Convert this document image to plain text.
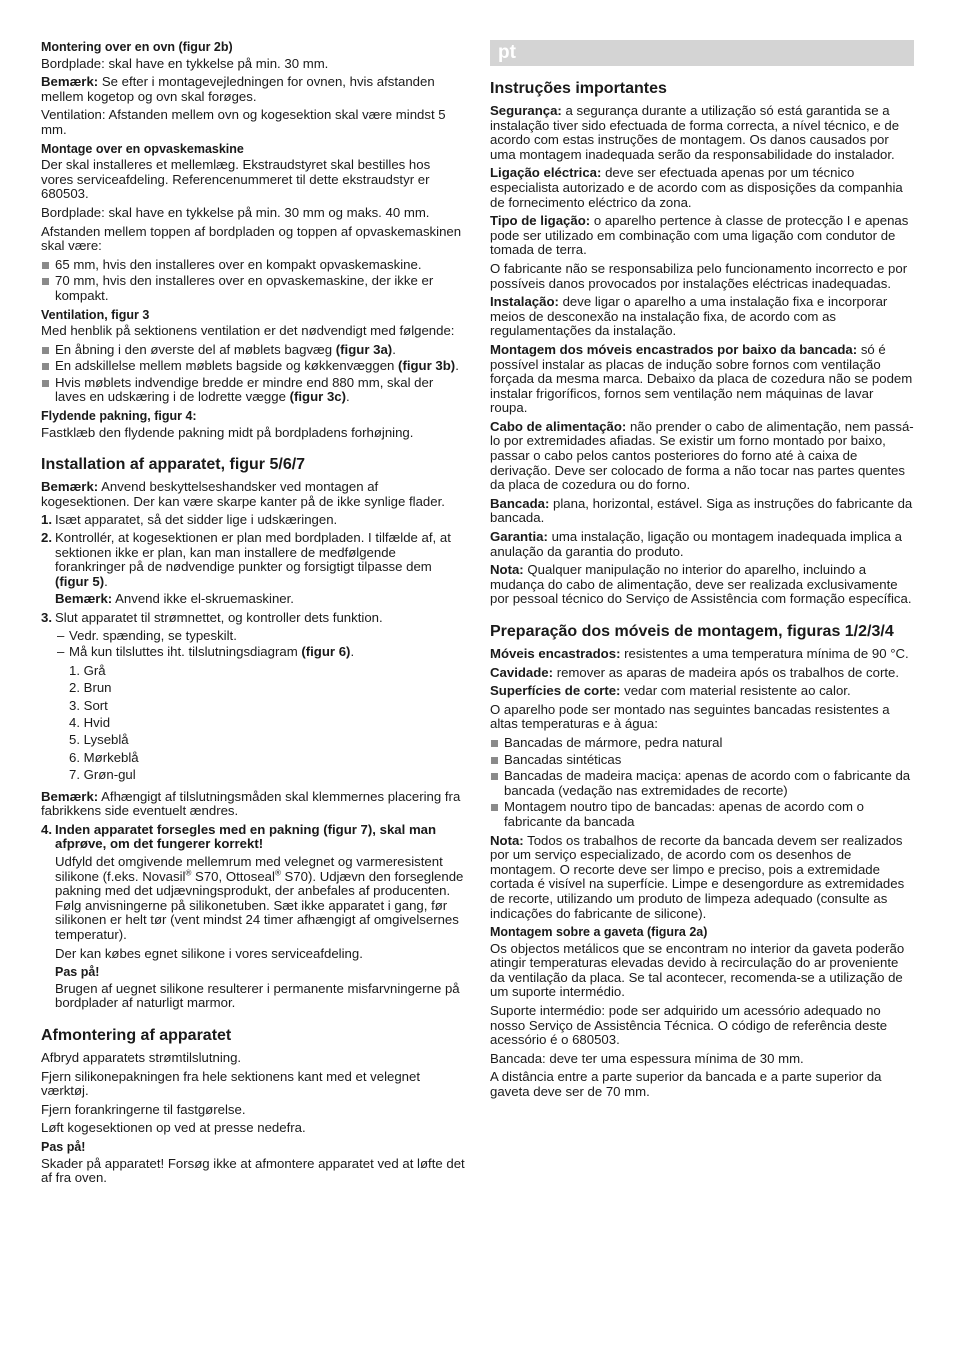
Montering over en ovn (figur 2b)

Bordplade: skal have en tykkelse på min. 30 mm.

Bemærk: Se efter i montagevejledningen for ovnen, hvis afstanden mellem kogetop og ovn skal forøges.

Ventilation: Afstanden mellem ovn og kogesektion skal være mindst 5 mm.

Montage over en opvaskemaskine

Der skal installeres et mellemlæg. Ekstraudstyret skal bestilles hos vores serviceafdeling. Referencenummeret til dette ekstraudstyr er 680503.

Bordplade: skal have en tykkelse på min. 30 mm og maks. 40 mm.

Afstanden mellem toppen af bordpladen og toppen af opvaskemaskinen skal være:

65 mm, hvis den installeres over en kompakt opvaskemaskine.
70 mm, hvis den installeres over en opvaskemaskine, der ikke er kompakt.
Ventilation, figur 3

Med henblik på sektionens ventilation er det nødvendigt med følgende:

En åbning i den øverste del af møblets bagvæg (figur 3a).
En adskillelse mellem møblets bagside og køkkenvæggen (figur 3b).
Hvis møblets indvendige bredde er mindre end 880 mm, skal der laves en udskæring i de lodrette vægge (figur 3c).
Flydende pakning, figur 4:

Fastklæb den flydende pakning midt på bordpladens forhøjning.

Installation af apparatet, figur 5/6/7

Bemærk: Anvend beskyttelseshandsker ved montagen af kogesektionen. Der kan være skarpe kanter på de ikke synlige flader.

1. Isæt apparatet, så det sidder lige i udskæringen.
2. Kontrollér, at kogesektionen er plan med bordpladen. I tilfælde af, at sektionen ikke er plan, kan man installere de medfølgende forankringer på de nødvendige punkter og forsigtigt tilpasse dem (figur 5).

Bemærk: Anvend ikke el-skruemaskiner.

3. Slut apparatet til strømnettet, og kontroller dets funktion.
– Vedr. spænding, se typeskilt.
– Må kun tilsluttes iht. tilslutningsdiagram (figur 6).
1. Grå
2. Brun
3. Sort
4. Hvid
5. Lyseblå
6. Mørkeblå
7. Grøn-gul

Bemærk: Afhængigt af tilslutningsmåden skal klemmernes placering fra fabrikkens side eventuelt ændres.

4. Inden apparatet forsegles med en pakning (figur 7), skal man afprøve, om det fungerer korrekt!

Udfyld det omgivende mellemrum med velegnet og varmeresistent silikone (f.eks. Novasil® S70, Ottoseal® S70). Udjævn den forseglende pakning med det udjævningsprodukt, der anbefales af producenten. Følg anvisningerne på silikonetuben. Sæt ikke apparatet i gang, før silikonen er helt tør (vent mindst 24 timer afhængigt af omgivelsernes temperatur).

Der kan købes egnet silikone i vores serviceafdeling.

Pas på!

Brugen af uegnet silikone resulterer i permanente misfarvningerne på bordplader af naturligt marmor.

Afmontering af apparatet

Afbryd apparatets strømtilslutning.

Fjern silikonepakningen fra hele sektionens kant med et velegnet værktøj.

Fjern forankringerne til fastgørelse.

Løft kogesektionen op ved at presse nedefra.

Pas på!

Skader på apparatet! Forsøg ikke at afmontere apparatet ved at løfte det af fra oven.

pt
Instruções importantes

Segurança: a segurança durante a utilização só está garantida se a instalação tiver sido efectuada de forma correcta, a nível técnico, e de acordo com estas instruções de montagem. Os danos causados por uma montagem inadequada serão da responsabilidade do instalador.

Ligação eléctrica: deve ser efectuada apenas por um técnico especialista autorizado e de acordo com as disposições da companhia de fornecimento eléctrico da zona.

Tipo de ligação: o aparelho pertence à classe de protecção I e apenas pode ser utilizado em combinação com uma ligação com condutor de tomada de terra.

O fabricante não se responsabiliza pelo funcionamento incorrecto e por possíveis danos provocados por instalações eléctricas inadequadas.

Instalação: deve ligar o aparelho a uma instalação fixa e incorporar meios de desconexão na instalação fixa, de acordo com as regulamentações da instalação.

Montagem dos móveis encastrados por baixo da bancada: só é possível instalar as placas de indução sobre fornos com ventilação forçada da mesma marca. Debaixo da placa de cozedura não se podem instalar frigoríficos, fornos sem ventilação nem máquinas de lavar roupa.

Cabo de alimentação: não prender o cabo de alimentação, nem passá-lo por extremidades afiadas. Se existir um forno montado por baixo, passar o cabo pelos cantos posteriores do forno até à caixa de derivação. Deve ser colocado de forma a não tocar nas partes quentes da placa de cozedura ou do forno.

Bancada: plana, horizontal, estável. Siga as instruções do fabricante da bancada.

Garantia: uma instalação, ligação ou montagem inadequada implica a anulação da garantia do produto.

Nota: Qualquer manipulação no interior do aparelho, incluindo a mudança do cabo de alimentação, deve ser realizada exclusivamente por pessoal técnico do Serviço de Assistência com formação específica.

Preparação dos móveis de montagem, figuras 1/2/3/4

Móveis encastrados: resistentes a uma temperatura mínima de 90 °C.

Cavidade: remover as aparas de madeira após os trabalhos de corte.

Superfícies de corte: vedar com material resistente ao calor.

O aparelho pode ser montado nas seguintes bancadas resistentes a altas temperaturas e à água:

Bancadas de mármore, pedra natural
Bancadas sintéticas
Bancadas de madeira maciça: apenas de acordo com o fabricante da bancada (vedação nas extremidades de recorte)
Montagem noutro tipo de bancadas: apenas de acordo com o fabricante da bancada

Nota: Todos os trabalhos de recorte da bancada devem ser realizados por um serviço especializado, de acordo com os desenhos de montagem. O recorte deve ser limpo e preciso, pois a extremidade cortada é visível na superfície. Limpe e desengordure as extremidades de recorte, utilizando um produto de limpeza adequado (consulte as indicações do fabricante de silicone).

Montagem sobre a gaveta (figura 2a)

Os objectos metálicos que se encontram no interior da gaveta poderão atingir temperaturas elevadas devido à recirculação do ar proveniente da ventilação da placa. Se tal acontecer, recomenda-se a utilização de um suporte intermédio.

Suporte intermédio: pode ser adquirido um acessório adequado no nosso Serviço de Assistência Técnica. O código de referência deste acessório é o 680503.

Bancada: deve ter uma espessura mínima de 30 mm.

A distância entre a parte superior da bancada e a parte superior da gaveta deve ser de 70 mm.
